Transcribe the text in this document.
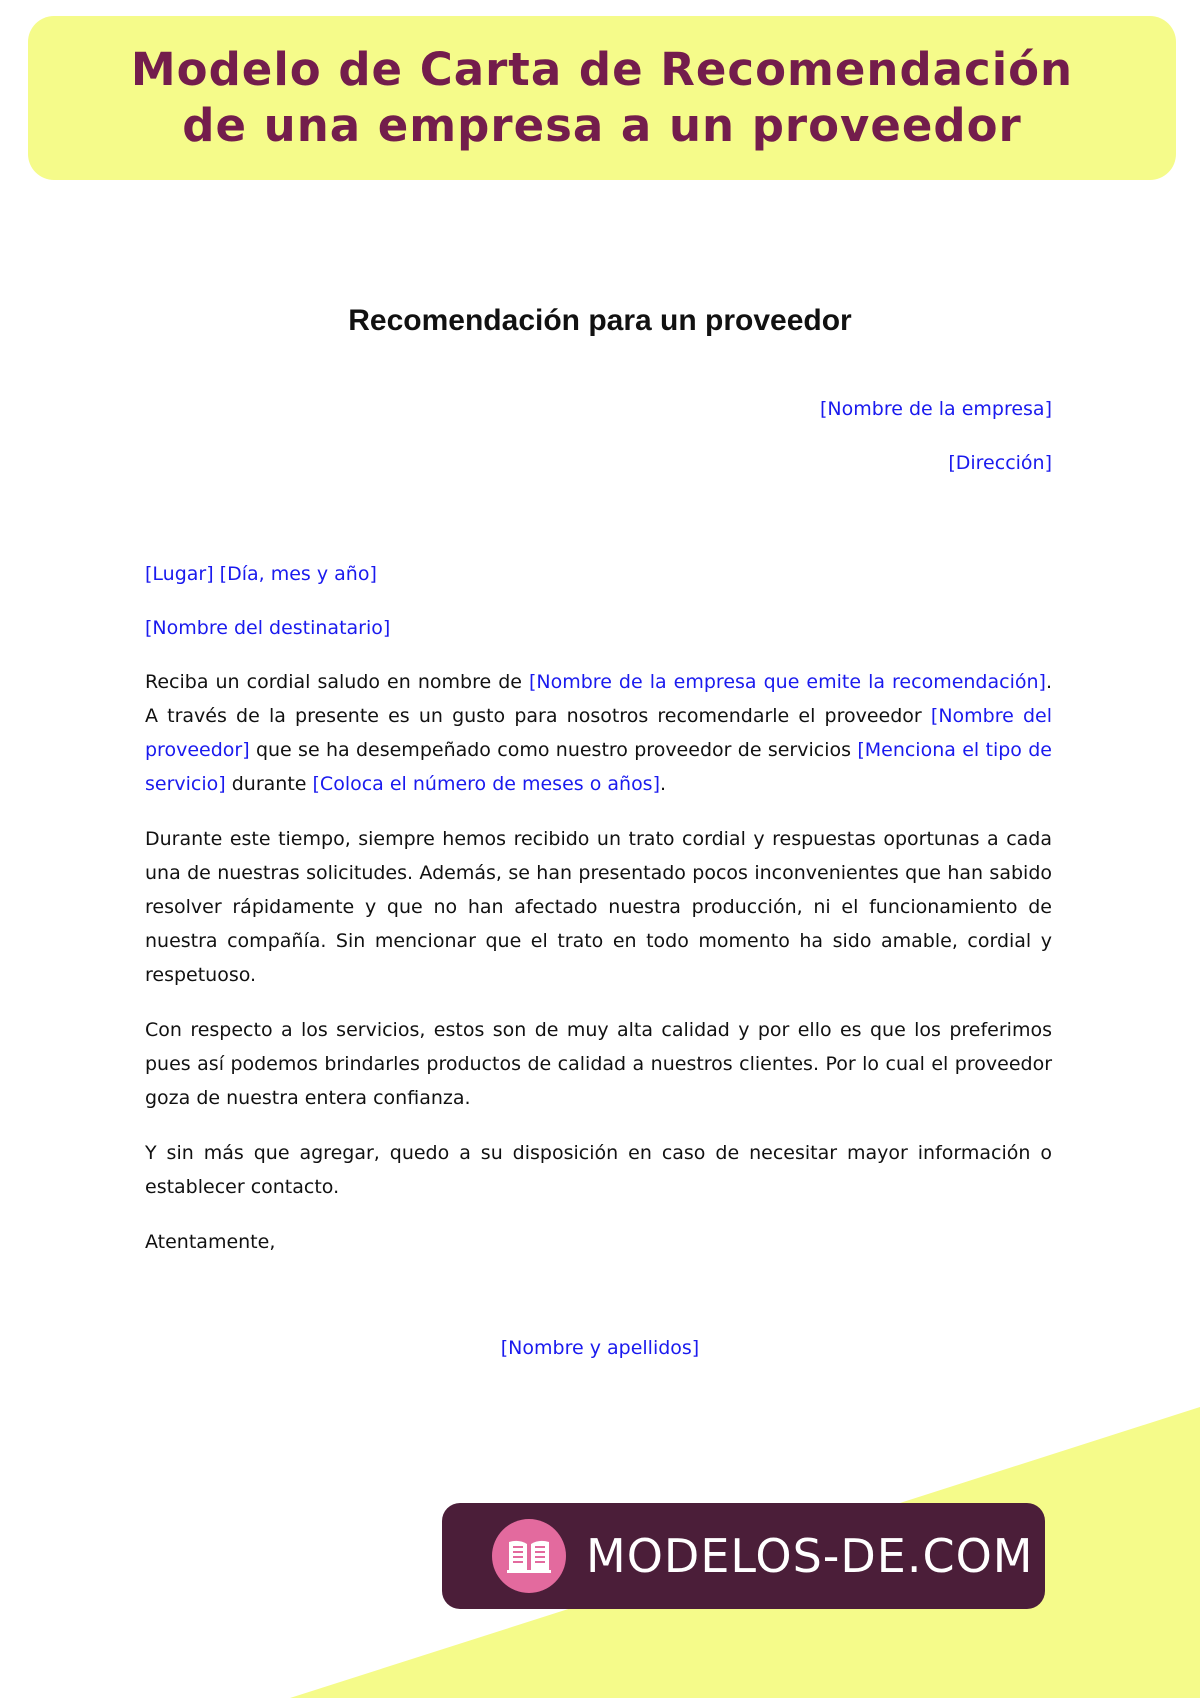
Modelo de Carta de Recomendación
de una empresa a un proveedor
Recomendación para un proveedor

[Nombre de la empresa]

[Dirección]

[Lugar] [Día, mes y año]

[Nombre del destinatario]

Reciba un cordial saludo en nombre de [Nombre de la empresa que emite la recomendación]. A través de la presente es un gusto para nosotros recomendarle el proveedor [Nombre del proveedor] que se ha desempeñado como nuestro proveedor de servicios [Menciona el tipo de servicio] durante [Coloca el número de meses o años].

Durante este tiempo, siempre hemos recibido un trato cordial y respuestas oportunas a cada una de nuestras solicitudes. Además, se han presentado pocos inconvenientes que han sabido resolver rápidamente y que no han afectado nuestra producción, ni el funcionamiento de nuestra compañía. Sin mencionar que el trato en todo momento ha sido amable, cordial y respetuoso.

Con respecto a los servicios, estos son de muy alta calidad y por ello es que los preferimos pues así podemos brindarles productos de calidad a nuestros clientes. Por lo cual el proveedor goza de nuestra entera confianza.

Y sin más que agregar, quedo a su disposición en caso de necesitar mayor información o establecer contacto.

Atentamente,

[Nombre y apellidos]
MODELOS-DE.COM
